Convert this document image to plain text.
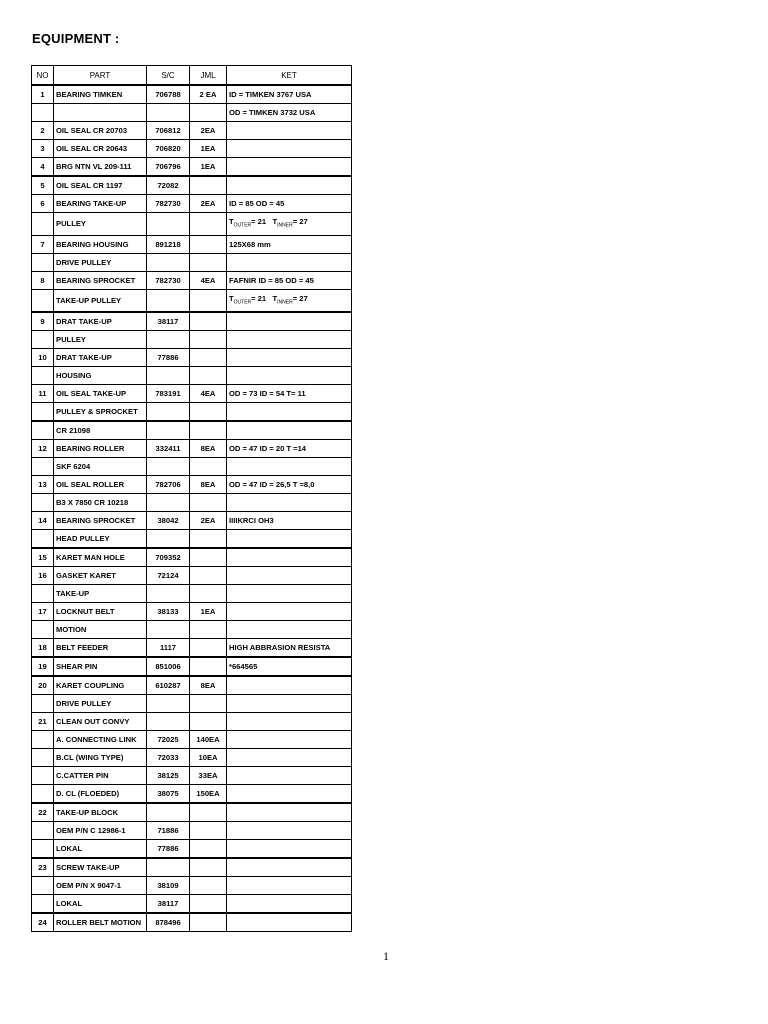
EQUIPMENT :
NO	PART	S/C	JML	KET
1	BEARING TIMKEN	706788	2 EA	ID = TIMKEN 3767 USA
				OD = TIMKEN 3732 USA
2	OIL SEAL CR 20703	706812	2EA	
3	OIL SEAL CR 20643	706820	1EA	
4	BRG NTN VL 209-111	706796	1EA	
5	OIL SEAL CR 1197	72082		
6	BEARING TAKE-UP	782730	2EA	ID = 85 OD = 45
	PULLEY			$T_{OUTER}= 21$ $T_{INNER}= 27$
7	BEARING HOUSING	891218		125X68 mm
	DRIVE PULLEY			
8	BEARING SPROCKET	782730	4EA	FAFNIR ID = 85 OD = 45
	TAKE-UP PULLEY			$T_{OUTER}= 21$ $T_{INNER}= 27$
9	DRAT TAKE-UP	38117		
	PULLEY			
10	DRAT TAKE-UP	77886		
	HOUSING			
11	OIL SEAL TAKE-UP	783191	4EA	OD = 73 ID = 54 T= 11
	PULLEY & SPROCKET			
	CR 21098			
12	BEARING ROLLER	332411	8EA	OD = 47 ID = 20 T =14
	SKF 6204			
13	OIL SEAL ROLLER	782706	8EA	OD = 47 ID = 26,5 T =8,0
	B3 X 7850 CR 10218			
14	BEARING SPROCKET	38042	2EA	IIIIKRCI OH3
	HEAD PULLEY			
15	KARET MAN HOLE	709352		
16	GASKET KARET	72124		
	TAKE-UP			
17	LOCKNUT BELT	38133	1EA	
	MOTION			
18	BELT FEEDER	1117		HIGH ABBRASION RESISTA
19	SHEAR PIN	851006		*664565
20	KARET COUPLING	610287	8EA	
	DRIVE PULLEY			
21	CLEAN OUT CONVY			
	A. CONNECTING LINK	72025	140EA	
	B.CL (WING TYPE)	72033	10EA	
	C.CATTER PIN	38125	33EA	
	D. CL (FLOEDED)	38075	150EA	
22	TAKE-UP BLOCK			
	OEM P/N C 12986-1	71886		
	LOKAL	77886		
23	SCREW TAKE-UP			
	OEM P/N X 9047-1	38109		
	LOKAL	38117		
24	ROLLER BELT MOTION	878496		
1
